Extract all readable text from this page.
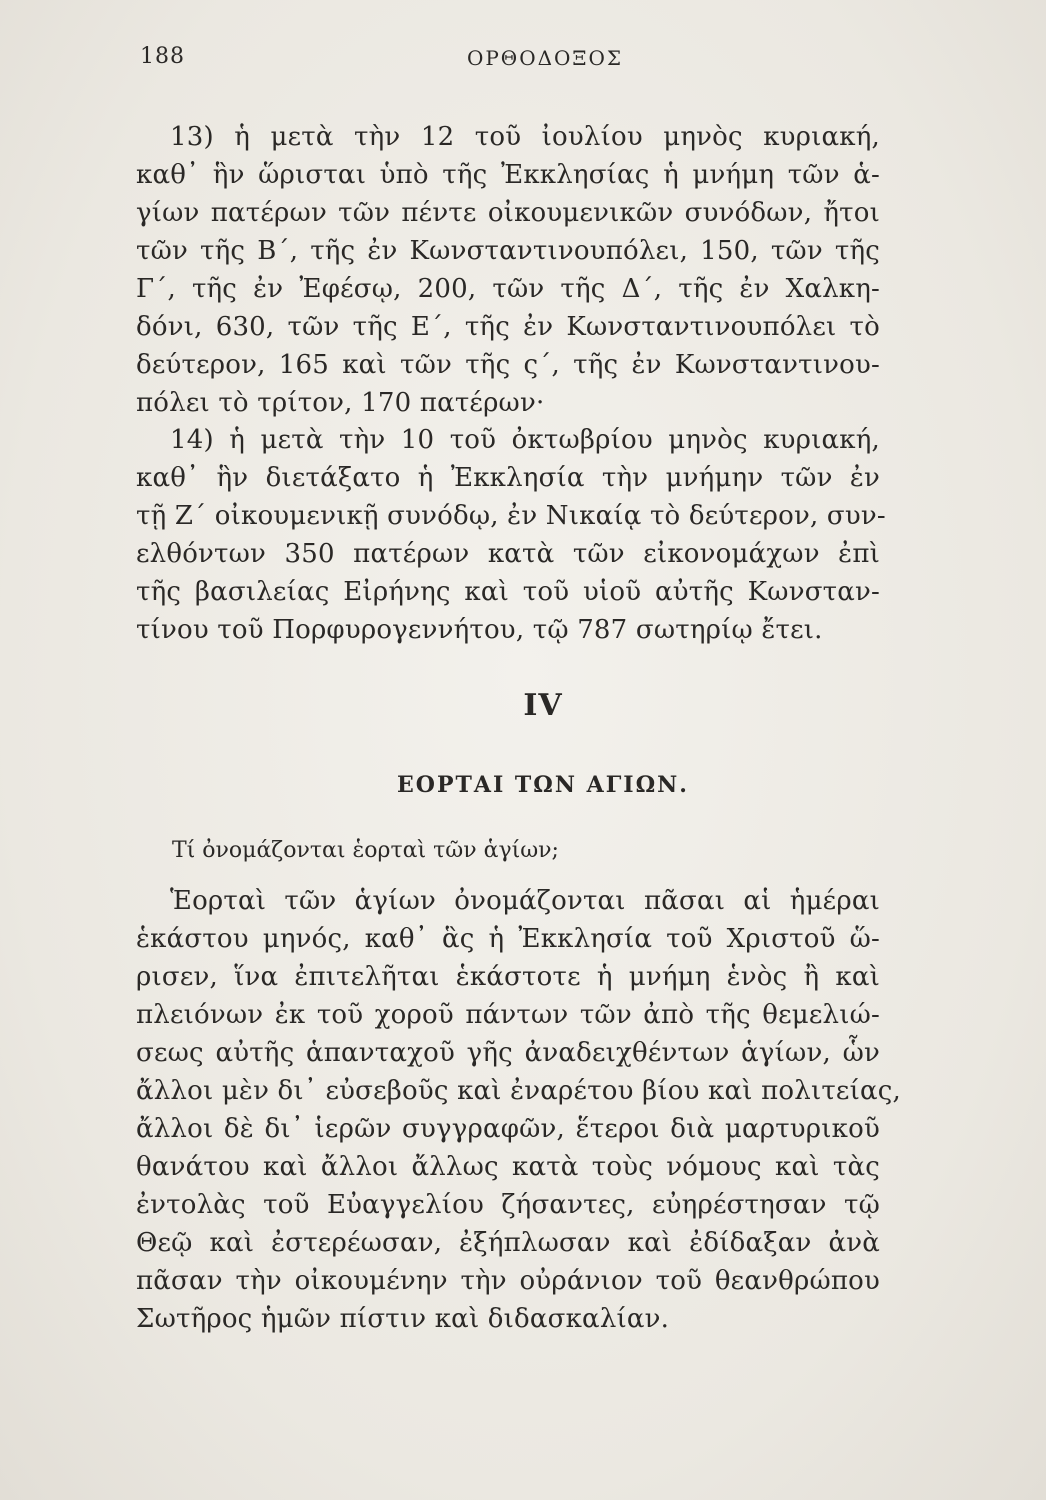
188	ΟΡΘΟΔΟΞΟΣ
13) ἡ μετὰ τὴν 12 τοῦ ἰουλίου μηνὸς κυριακή,
καθ᾽ ἣν ὥρισται ὑπὸ τῆς Ἐκκλησίας ἡ μνήμη τῶν ἁ-
γίων πατέρων τῶν πέντε οἰκουμενικῶν συνόδων, ἤτοι
τῶν τῆς Β´, τῆς ἐν Κωνσταντινουπόλει, 150, τῶν τῆς
Γ´, τῆς ἐν Ἐφέσῳ, 200, τῶν τῆς Δ´, τῆς ἐν Χαλκη-
δόνι, 630, τῶν τῆς Ε´, τῆς ἐν Κωνσταντινουπόλει τὸ
δεύτερον, 165 καὶ τῶν τῆς ς´, τῆς ἐν Κωνσταντινου-
πόλει τὸ τρίτον, 170 πατέρων·
14) ἡ μετὰ τὴν 10 τοῦ ὀκτωβρίου μηνὸς κυριακή,
καθ᾽ ἣν διετάξατο ἡ Ἐκκλησία τὴν μνήμην τῶν ἐν
τῇ Ζ´ οἰκουμενικῇ συνόδῳ, ἐν Νικαίᾳ τὸ δεύτερον, συν-
ελθόντων 350 πατέρων κατὰ τῶν εἰκονομάχων ἐπὶ
τῆς βασιλείας Εἰρήνης καὶ τοῦ υἱοῦ αὐτῆς Κωνσταν-
τίνου τοῦ Πορφυρογεννήτου, τῷ 787 σωτηρίῳ ἔτει.
IV
ΕΟΡΤΑΙ ΤΩΝ ΑΓΙΩΝ.
Τί ὀνομάζονται ἑορταὶ τῶν ἁγίων;
Ἑορταὶ τῶν ἁγίων ὀνομάζονται πᾶσαι αἱ ἡμέραι
ἑκάστου μηνός, καθ᾽ ἃς ἡ Ἐκκλησία τοῦ Χριστοῦ ὥ-
ρισεν, ἵνα ἐπιτελῆται ἑκάστοτε ἡ μνήμη ἑνὸς ἢ καὶ
πλειόνων ἐκ τοῦ χοροῦ πάντων τῶν ἀπὸ τῆς θεμελιώ-
σεως αὐτῆς ἁπανταχοῦ γῆς ἀναδειχθέντων ἁγίων, ὧν
ἄλλοι μὲν δι᾽ εὐσεβοῦς καὶ ἐναρέτου βίου καὶ πολιτείας,
ἄλλοι δὲ δι᾽ ἱερῶν συγγραφῶν, ἕτεροι διὰ μαρτυρικοῦ
θανάτου καὶ ἄλλοι ἄλλως κατὰ τοὺς νόμους καὶ τὰς
ἐντολὰς τοῦ Εὐαγγελίου ζήσαντες, εὐηρέστησαν τῷ
Θεῷ καὶ ἐστερέωσαν, ἐξήπλωσαν καὶ ἐδίδαξαν ἀνὰ
πᾶσαν τὴν οἰκουμένην τὴν οὐράνιον τοῦ θεανθρώπου
Σωτῆρος ἡμῶν πίστιν καὶ διδασκαλίαν.
